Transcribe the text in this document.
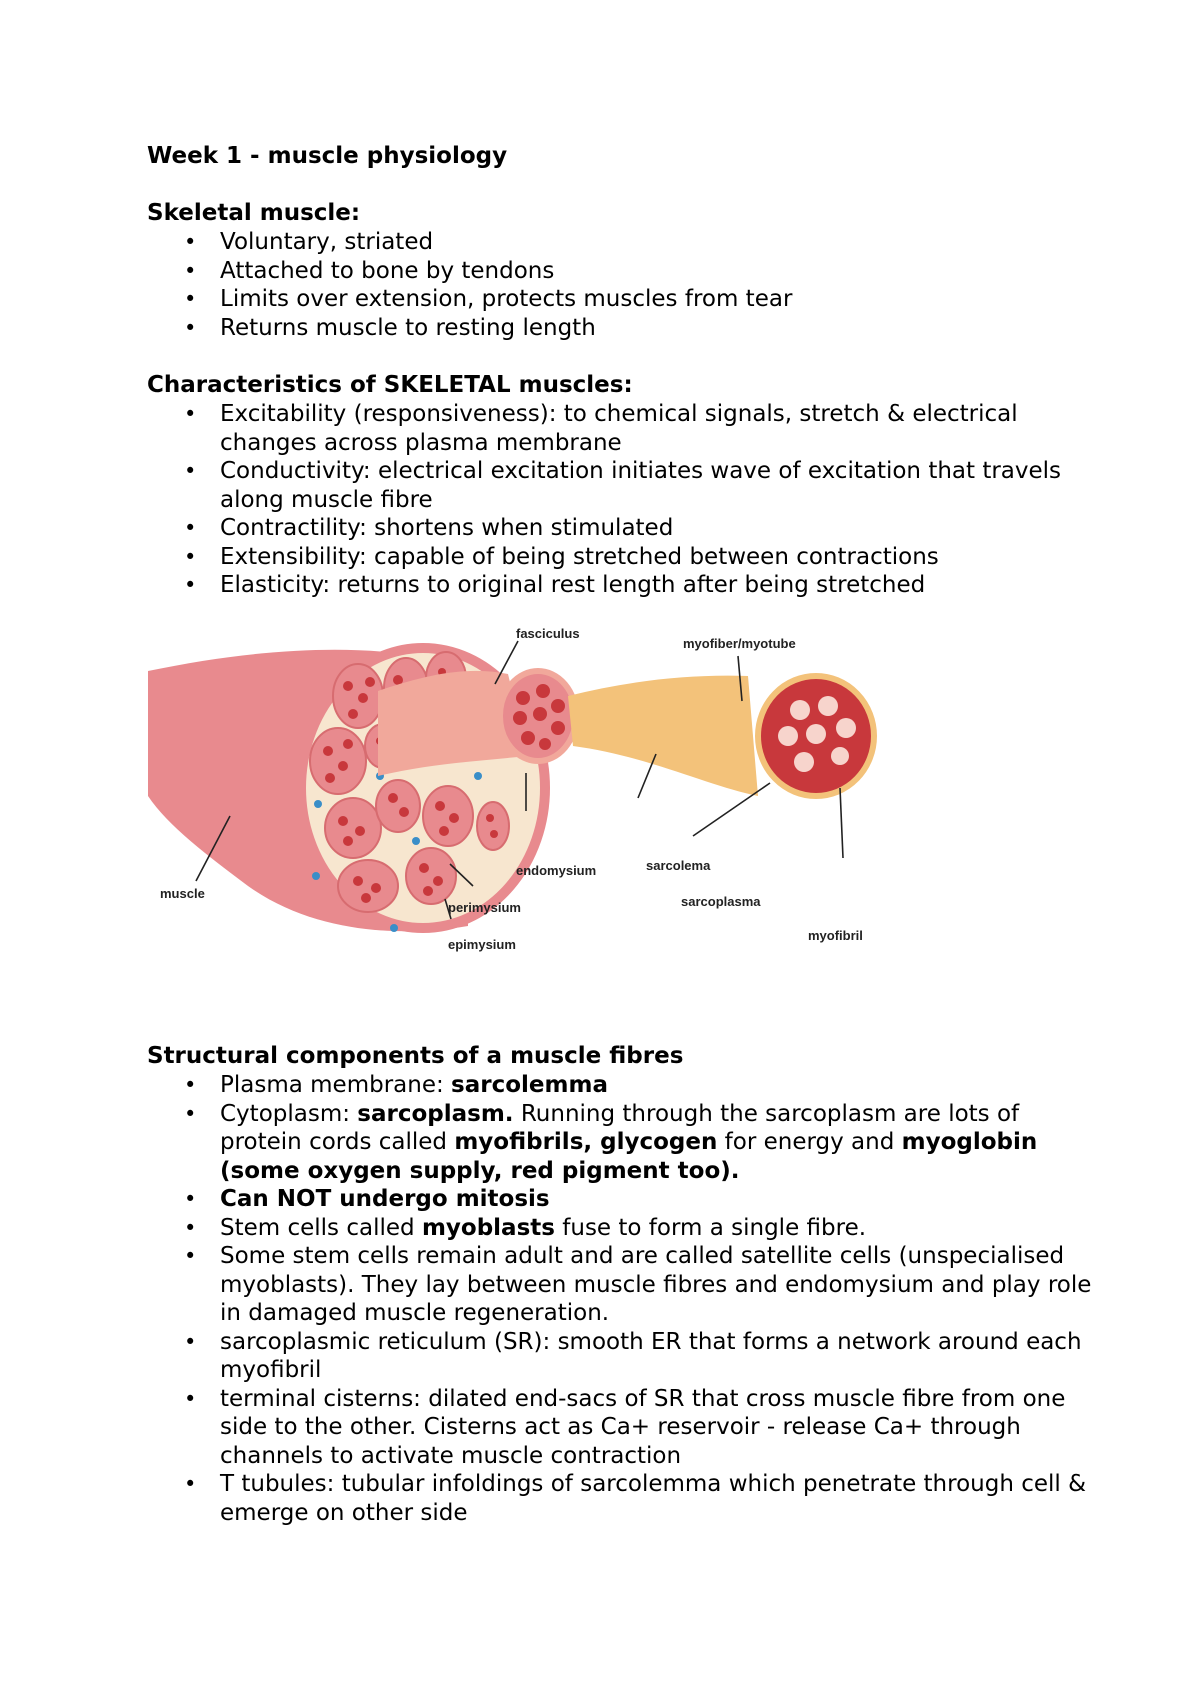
Week 1 - muscle physiology

Skeletal muscle:

• Voluntary, striated
• Attached to bone by tendons
• Limits over extension, protects muscles from tear
• Returns muscle to resting length

Characteristics of SKELETAL muscles:

• Excitability (responsiveness): to chemical signals, stretch & electrical changes across plasma membrane
• Conductivity: electrical excitation initiates wave of excitation that travels along muscle fibre
• Contractility: shortens when stimulated
• Extensibility: capable of being stretched between contractions
• Elasticity: returns to original rest length after being stretched

Structural components of a muscle fibres

• Plasma membrane: sarcolemma
• Cytoplasm: sarcoplasm. Running through the sarcoplasm are lots of protein cords called myofibrils, glycogen for energy and myoglobin (some oxygen supply, red pigment too).
• Can NOT undergo mitosis
• Stem cells called myoblasts fuse to form a single fibre.
• Some stem cells remain adult and are called satellite cells (unspecialised myoblasts). They lay between muscle fibres and endomysium and play role in damaged muscle regeneration.
• sarcoplasmic reticulum (SR): smooth ER that forms a network around each myofibril
• terminal cisterns: dilated end-sacs of SR that cross muscle fibre from one side to the other. Cisterns act as Ca+ reservoir - release Ca+ through channels to activate muscle contraction
• T tubules: tubular infoldings of sarcolemma which penetrate through cell & emerge on other side
muscle
fasciculus
myofiber/myotube
endomysium
perimysium
epimysium
sarcolema
sarcoplasma
myofibril
